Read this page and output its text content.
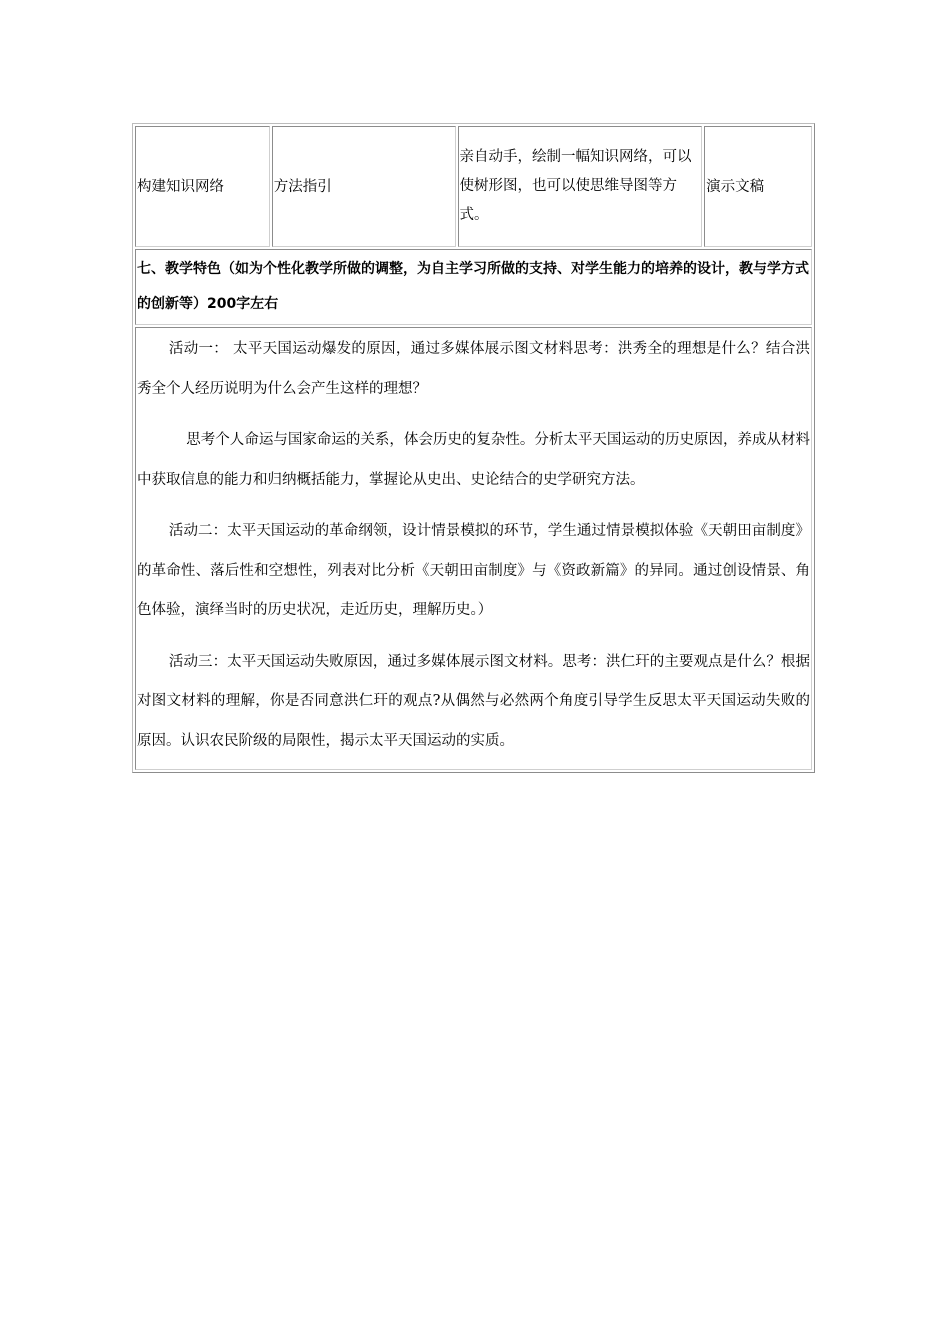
构建知识网络	方法指引	亲自动手，绘制一幅知识网络，可以使树形图，也可以使思维导图等方式。	演示文稿
七、教学特色（如为个性化教学所做的调整，为自主学习所做的支持、对学生能力的培养的设计，教与学方式的创新等）200字左右

活动一： 太平天国运动爆发的原因，通过多媒体展示图文材料思考：洪秀全的理想是什么？结合洪秀全个人经历说明为什么会产生这样的理想？

思考个人命运与国家命运的关系，体会历史的复杂性。分析太平天国运动的历史原因，养成从材料中获取信息的能力和归纳概括能力，掌握论从史出、史论结合的史学研究方法。

活动二：太平天国运动的革命纲领，设计情景模拟的环节，学生通过情景模拟体验《天朝田亩制度》的革命性、落后性和空想性，列表对比分析《天朝田亩制度》与《资政新篇》的异同。通过创设情景、角色体验，演绎当时的历史状况，走近历史，理解历史。）

活动三：太平天国运动失败原因，通过多媒体展示图文材料。思考：洪仁玕的主要观点是什么？根据对图文材料的理解，你是否同意洪仁玕的观点?从偶然与必然两个角度引导学生反思太平天国运动失败的原因。认识农民阶级的局限性，揭示太平天国运动的实质。
